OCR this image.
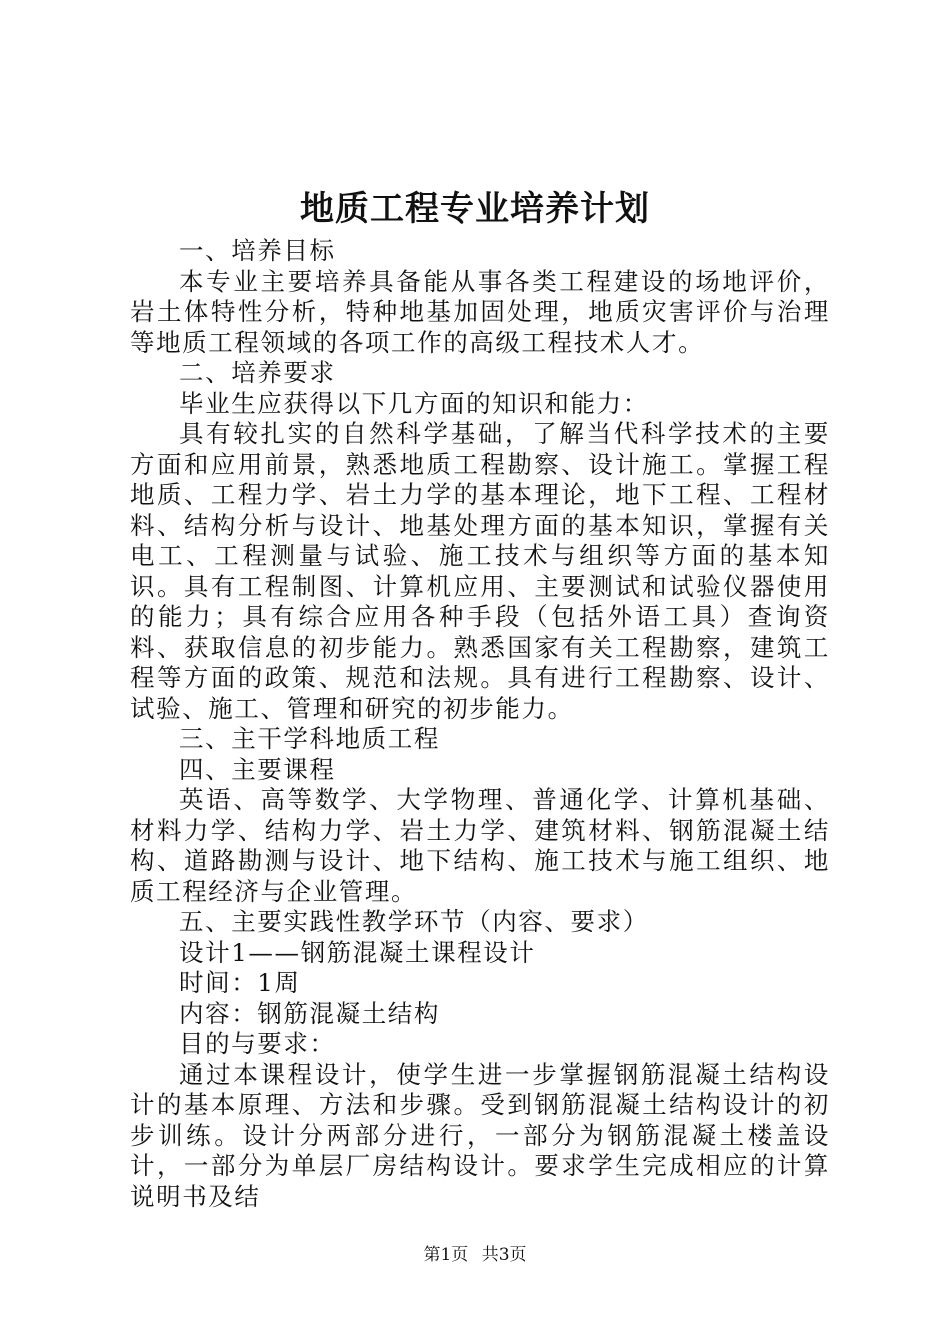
地质工程专业培养计划

一、培养目标

本专业主要培养具备能从事各类工程建设的场地评价，岩土体特性分析，特种地基加固处理，地质灾害评价与治理等地质工程领域的各项工作的高级工程技术人才。

二、培养要求

毕业生应获得以下几方面的知识和能力：

具有较扎实的自然科学基础，了解当代科学技术的主要方面和应用前景，熟悉地质工程勘察、设计施工。掌握工程地质、工程力学、岩土力学的基本理论，地下工程、工程材料、结构分析与设计、地基处理方面的基本知识，掌握有关电工、工程测量与试验、施工技术与组织等方面的基本知识。具有工程制图、计算机应用、主要测试和试验仪器使用的能力；具有综合应用各种手段（包括外语工具）查询资料、获取信息的初步能力。熟悉国家有关工程勘察，建筑工程等方面的政策、规范和法规。具有进行工程勘察、设计、试验、施工、管理和研究的初步能力。

三、主干学科地质工程

四、主要课程

英语、高等数学、大学物理、普通化学、计算机基础、材料力学、结构力学、岩土力学、建筑材料、钢筋混凝土结构、道路勘测与设计、地下结构、施工技术与施工组织、地质工程经济与企业管理。

五、主要实践性教学环节（内容、要求）

设计1——钢筋混凝土课程设计

时间：1周

内容：钢筋混凝土结构

目的与要求：

通过本课程设计，使学生进一步掌握钢筋混凝土结构设计的基本原理、方法和步骤。受到钢筋混凝土结构设计的初步训练。设计分两部分进行，一部分为钢筋混凝土楼盖设计，一部分为单层厂房结构设计。要求学生完成相应的计算说明书及结

第1页 共3页
